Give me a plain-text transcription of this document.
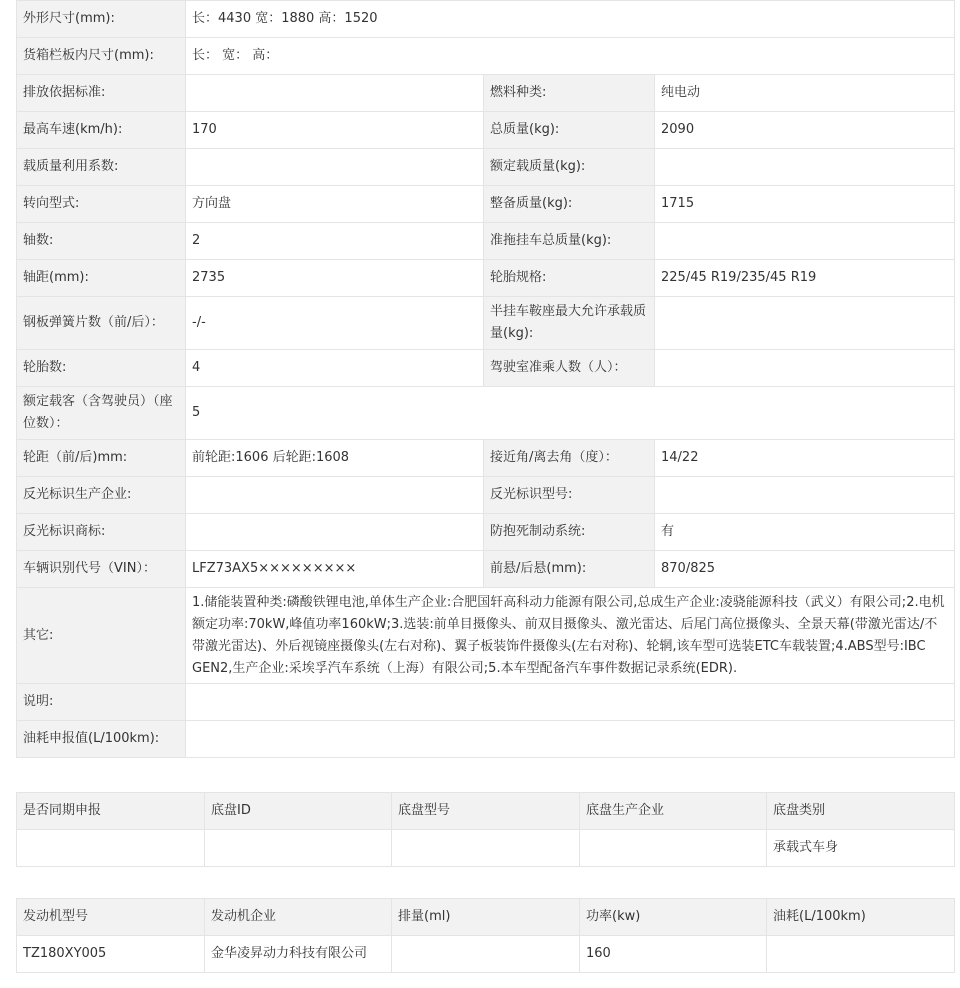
外形尺寸(mm):	长：4430 宽：1880 高：1520		
货箱栏板内尺寸(mm):	长： 宽： 高：		
排放依据标准:		燃料种类:	纯电动
最高车速(km/h):	170	总质量(kg):	2090
载质量利用系数:		额定载质量(kg):	
转向型式:	方向盘	整备质量(kg):	1715
轴数:	2	准拖挂车总质量(kg):	
轴距(mm):	2735	轮胎规格:	225/45 R19/235/45 R19
钢板弹簧片数（前/后）：	-/-	半挂车鞍座最大允许承载质量(kg):	
轮胎数:	4	驾驶室准乘人数（人）：	
额定载客（含驾驶员）（座位数）：	5		
轮距（前/后)mm:	前轮距:1606 后轮距:1608	接近角/离去角（度）：	14/22
反光标识生产企业:		反光标识型号:	
反光标识商标:		防抱死制动系统:	有
车辆识别代号（VIN）：	LFZ73AX5×××××××××	前悬/后悬(mm):	870/825
其它:	1.储能装置种类:磷酸铁锂电池,单体生产企业:合肥国轩高科动力能源有限公司,总成生产企业:凌骁能源科技（武义）有限公司;2.电机额定功率:70kW,峰值功率160kW;3.选装:前单目摄像头、前双目摄像头、激光雷达、后尾门高位摄像头、全景天幕(带激光雷达/不带激光雷达)、外后视镜座摄像头(左右对称)、翼子板装饰件摄像头(左右对称)、轮辋,该车型可选装ETC车载装置;4.ABS型号:IBC GEN2,生产企业:采埃孚汽车系统（上海）有限公司;5.本车型配备汽车事件数据记录系统(EDR).		
说明:			
油耗申报值(L/100km):			
是否同期申报	底盘ID	底盘型号	底盘生产企业	底盘类别
				承载式车身
发动机型号	发动机企业	排量(ml)	功率(kw)	油耗(L/100km)
TZ180XY005	金华凌昇动力科技有限公司		160	
